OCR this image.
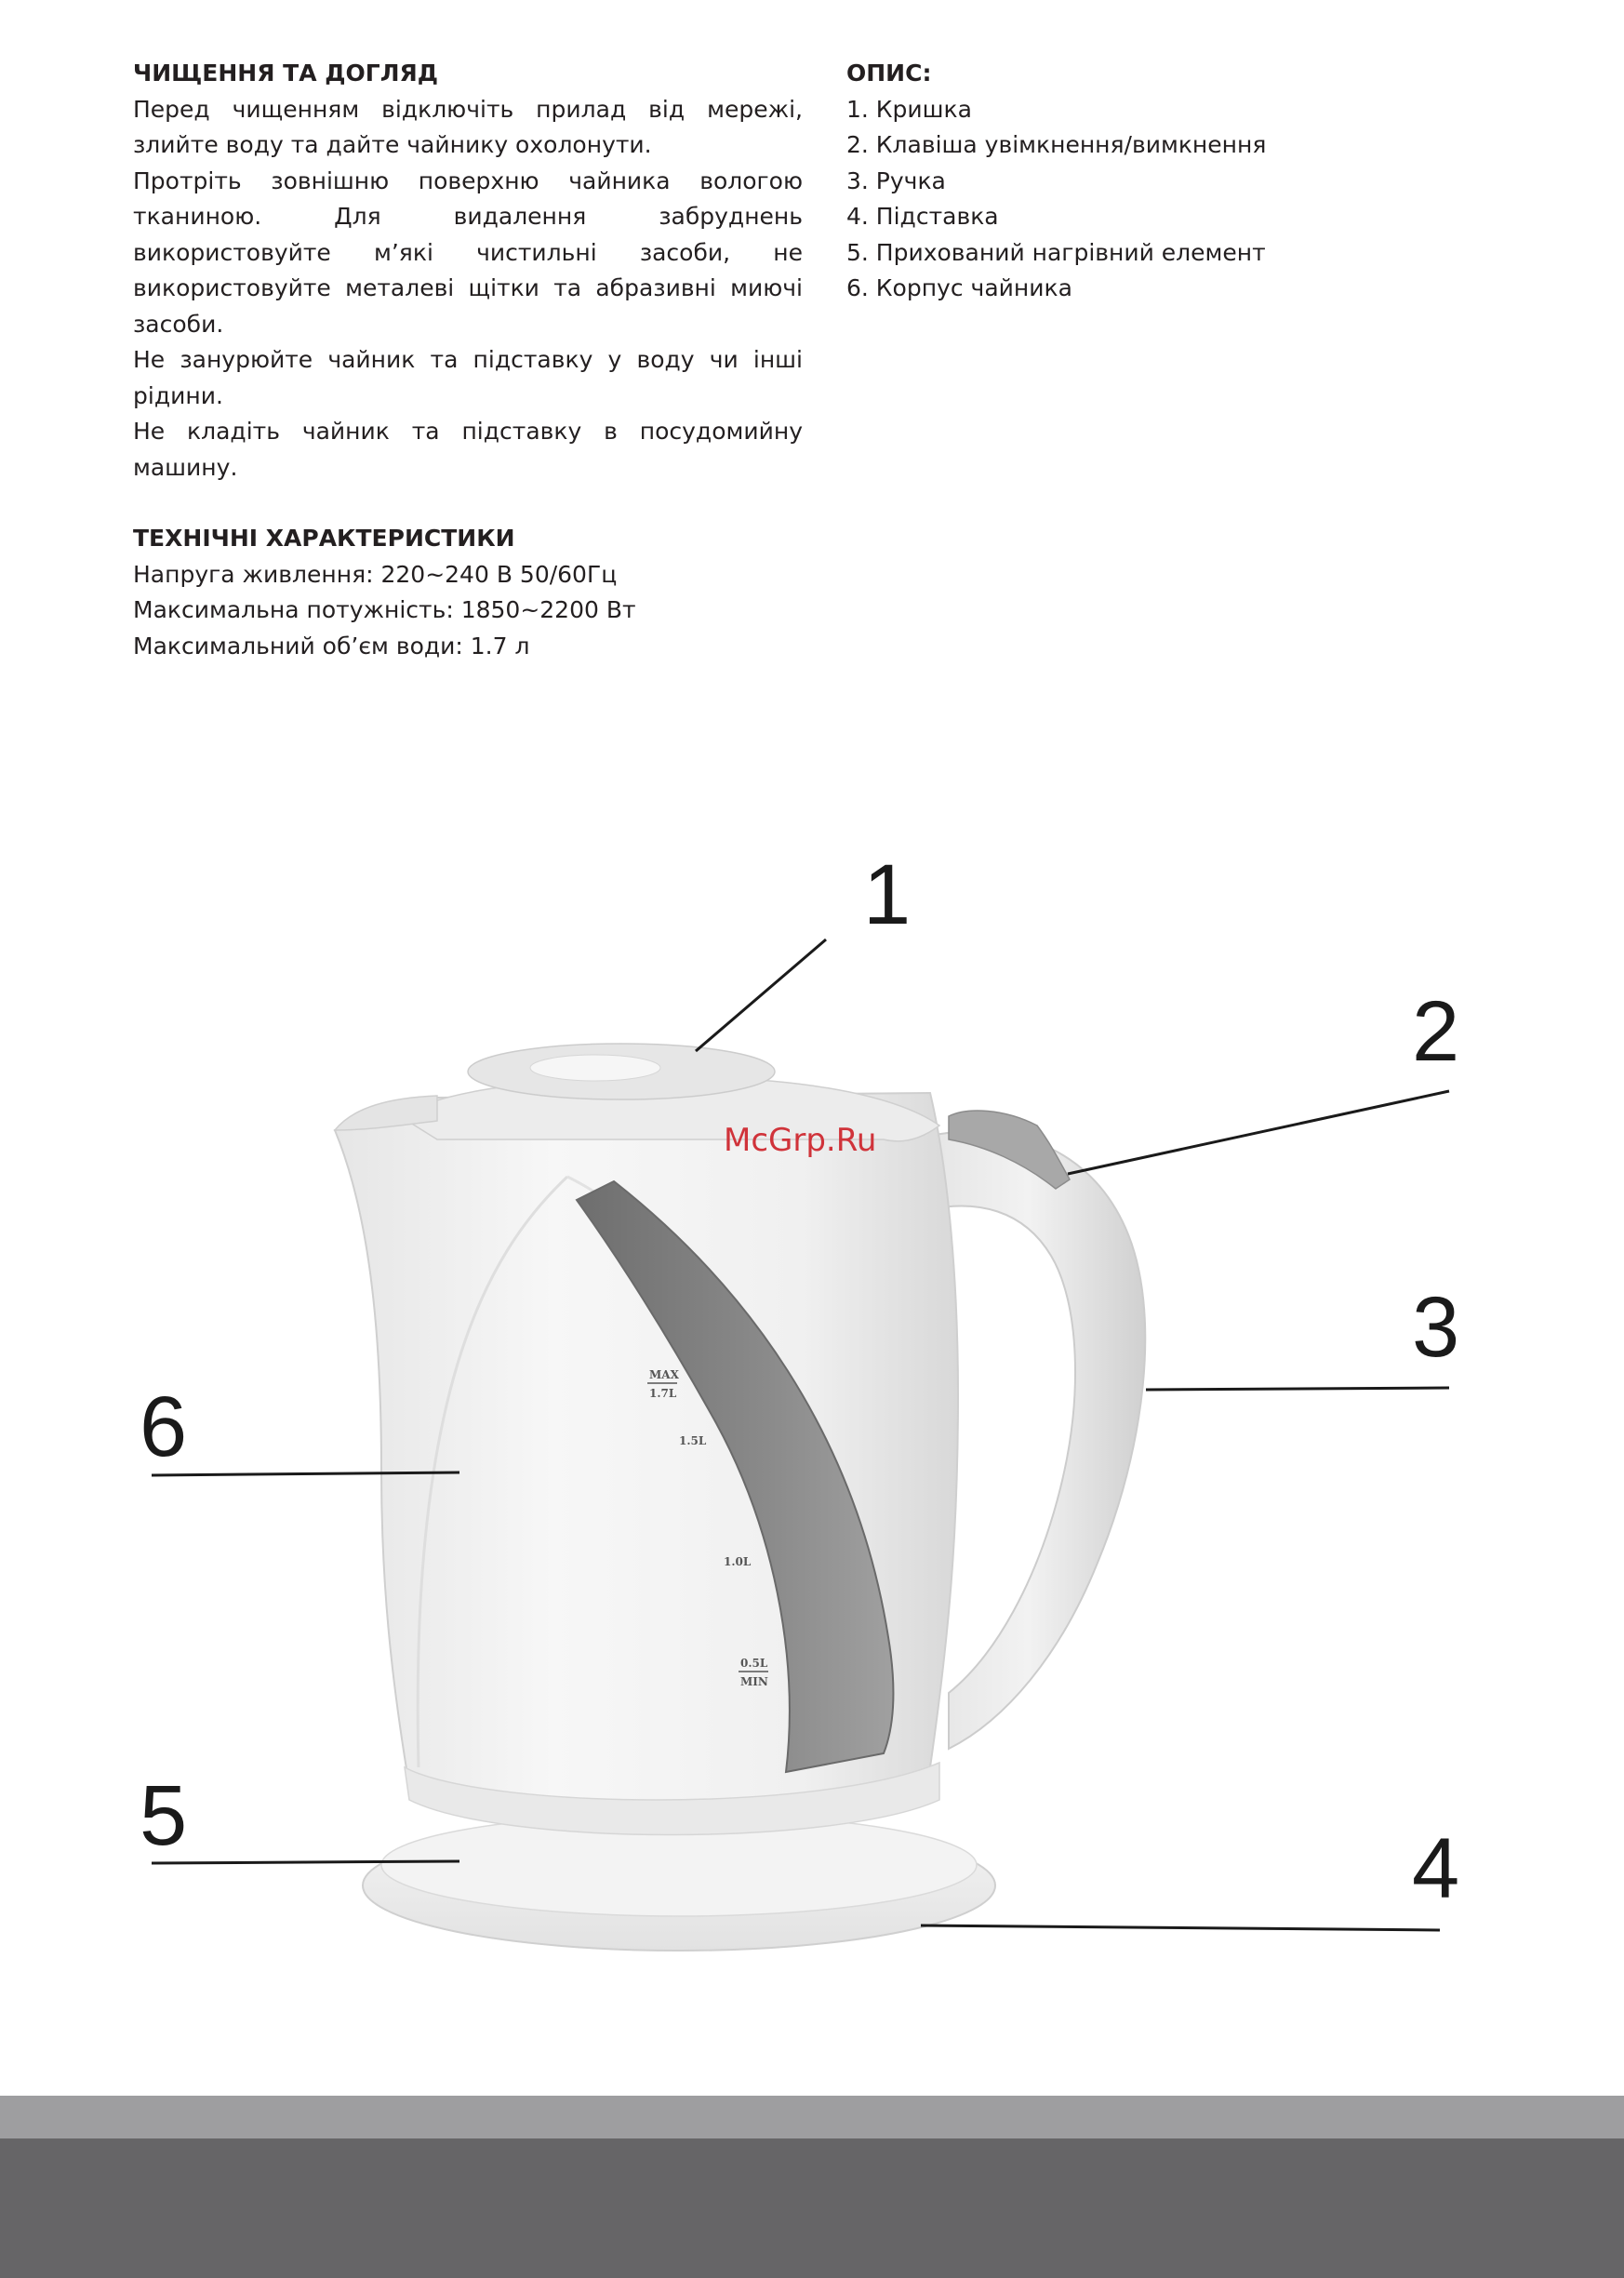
ЧИЩЕННЯ ТА ДОГЛЯД

Перед чищенням відключіть прилад від мережі, злийте воду та дайте чайнику охолонути.

Протріть зовнішню поверхню чайника вологою тканиною. Для видалення забруднень використовуйте м’які чистильні засоби, не використовуйте металеві щітки та абразивні миючі засоби.

Не занурюйте чайник та підставку у воду чи інші рідини.

Не кладіть чайник та підставку в посудомийну машину.

ТЕХНІЧНІ ХАРАКТЕРИСТИКИ

Напруга живлення: 220~240 В 50/60Гц

Максимальна потужність: 1850~2200 Вт

Максимальний об’єм води: 1.7 л

ОПИС:

1. Кришка

2. Клавіша увімкнення/вимкнення

3. Ручка

4. Підставка

5. Прихований нагрівний елемент

6. Корпус чайника

MAX
1.7L
1.5L
1.0L
0.5L
MIN
McGrp.Ru
1
2
3
4
5
6
